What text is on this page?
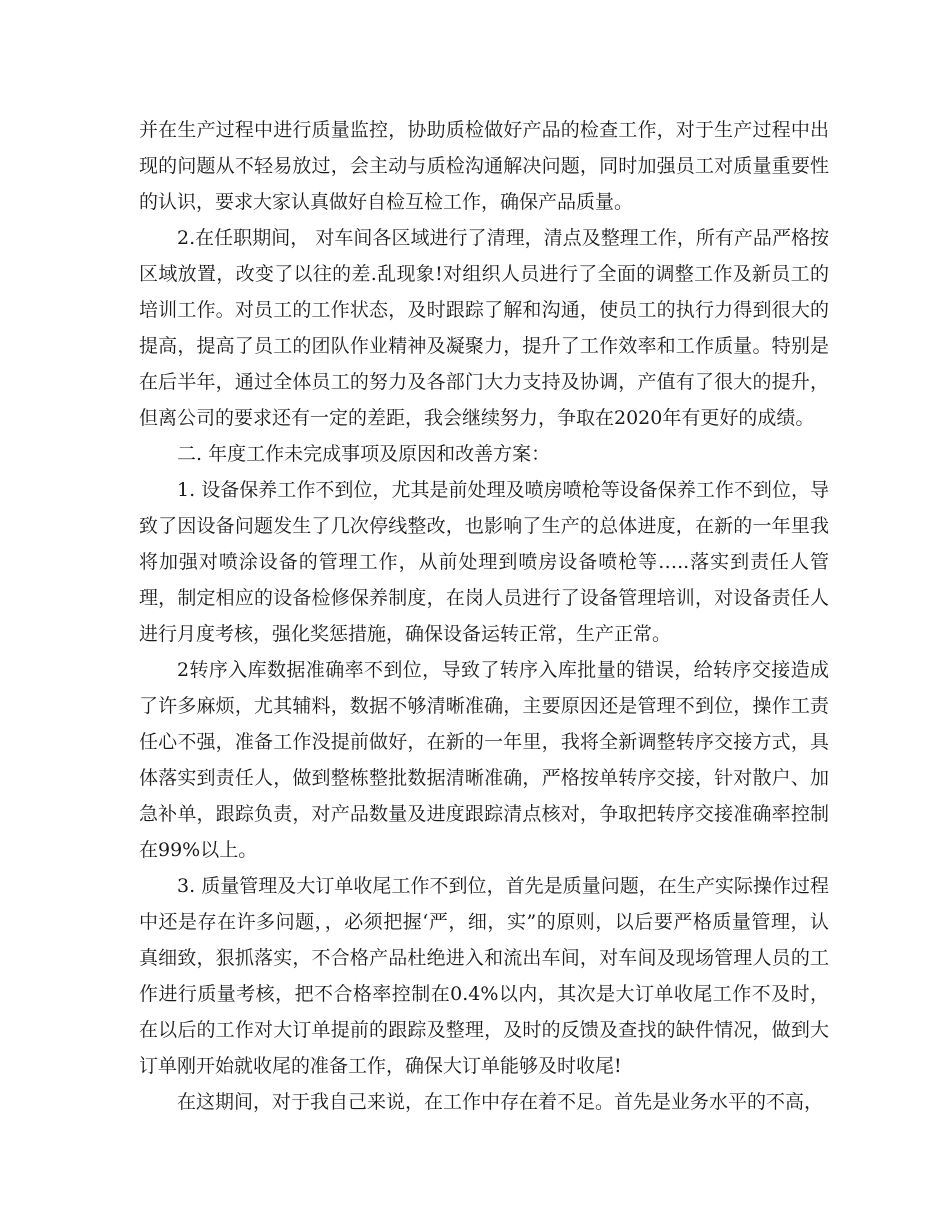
并在生产过程中进行质量监控，协助质检做好产品的检查工作，对于生产过程中出现的问题从不轻易放过，会主动与质检沟通解决问题，同时加强员工对质量重要性的认识，要求大家认真做好自检互检工作，确保产品质量。

2.在任职期间， 对车间各区域进行了清理，清点及整理工作，所有产品严格按区域放置，改变了以往的差.乱现象!对组织人员进行了全面的调整工作及新员工的培训工作。对员工的工作状态，及时跟踪了解和沟通，使员工的执行力得到很大的提高，提高了员工的团队作业精神及凝聚力，提升了工作效率和工作质量。特别是在后半年，通过全体员工的努力及各部门大力支持及协调，产值有了很大的提升，但离公司的要求还有一定的差距，我会继续努力，争取在2020年有更好的成绩。

二. 年度工作未完成事项及原因和改善方案：

1. 设备保养工作不到位，尤其是前处理及喷房喷枪等设备保养工作不到位，导致了因设备问题发生了几次停线整改，也影响了生产的总体进度，在新的一年里我将加强对喷涂设备的管理工作，从前处理到喷房设备喷枪等…..落实到责任人管理，制定相应的设备检修保养制度，在岗人员进行了设备管理培训，对设备责任人进行月度考核，强化奖惩措施，确保设备运转正常，生产正常。

2转序入库数据准确率不到位，导致了转序入库批量的错误，给转序交接造成了许多麻烦，尤其辅料，数据不够清晰准确，主要原因还是管理不到位，操作工责任心不强，准备工作没提前做好，在新的一年里，我将全新调整转序交接方式，具体落实到责任人，做到整栋整批数据清晰准确，严格按单转序交接，针对散户、加急补单，跟踪负责，对产品数量及进度跟踪清点核对，争取把转序交接准确率控制在99%以上。

3. 质量管理及大订单收尾工作不到位，首先是质量问题，在生产实际操作过程中还是存在许多问题，，必须把握‘严，细，实”的原则，以后要严格质量管理，认真细致，狠抓落实，不合格产品杜绝进入和流出车间，对车间及现场管理人员的工作进行质量考核，把不合格率控制在0.4%以内，其次是大订单收尾工作不及时，在以后的工作对大订单提前的跟踪及整理，及时的反馈及查找的缺件情况，做到大订单刚开始就收尾的准备工作，确保大订单能够及时收尾!

在这期间，对于我自己来说，在工作中存在着不足。首先是业务水平的不高，
